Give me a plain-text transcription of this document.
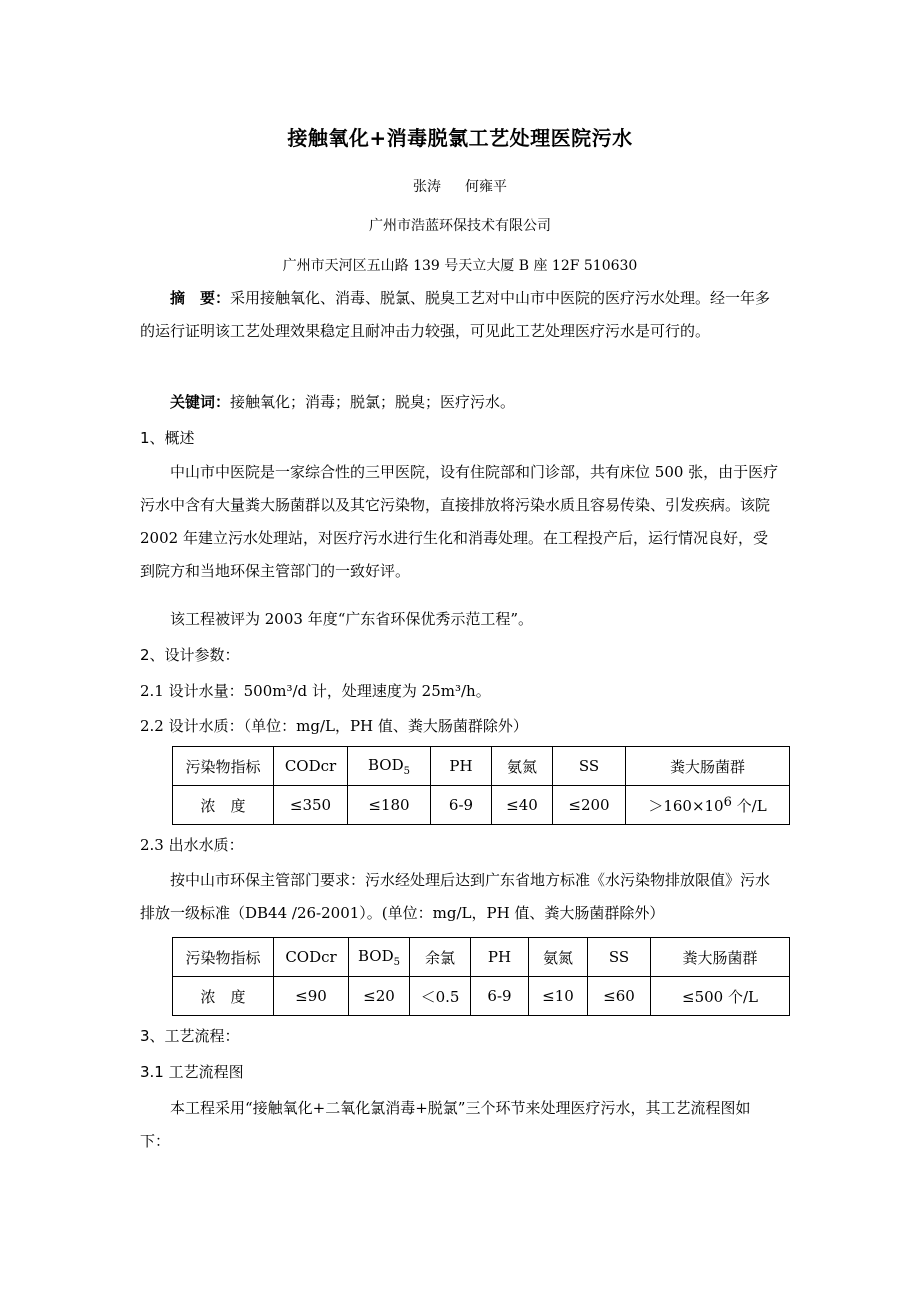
接触氧化+消毒脱氯工艺处理医院污水
张涛 何雍平
广州市浩蓝环保技术有限公司
广州市天河区五山路 139 号天立大厦 B 座 12F 510630
摘　要：采用接触氧化、消毒、脱氯、脱臭工艺对中山市中医院的医疗污水处理。经一年多的运行证明该工艺处理效果稳定且耐冲击力较强，可见此工艺处理医疗污水是可行的。
关键词：接触氧化；消毒；脱氯；脱臭；医疗污水。
1、概述
中山市中医院是一家综合性的三甲医院，设有住院部和门诊部，共有床位 500 张，由于医疗污水中含有大量粪大肠菌群以及其它污染物，直接排放将污染水质且容易传染、引发疾病。该院 2002 年建立污水处理站，对医疗污水进行生化和消毒处理。在工程投产后，运行情况良好，受到院方和当地环保主管部门的一致好评。
该工程被评为 2003 年度“广东省环保优秀示范工程”。
2、设计参数：
2.1 设计水量：500m³/d 计，处理速度为 25m³/h。
2.2 设计水质：（单位：mg/L，PH 值、粪大肠菌群除外）
污染物指标	CODcr	$BOD_5$	PH	氨氮	SS	粪大肠菌群
浓　度	≤350	≤180	6-9	≤40	≤200	$>160\times 10^6$ 个/L
2.3 出水水质：
按中山市环保主管部门要求：污水经处理后达到广东省地方标准《水污染物排放限值》污水排放一级标准（DB44 /26-2001）。(单位：mg/L，PH 值、粪大肠菌群除外）
污染物指标	CODcr	$BOD_5$	余氯	PH	氨氮	SS	粪大肠菌群
浓　度	≤90	≤20	＜0.5	6-9	≤10	≤60	≤500 个/L
3、工艺流程：
3.1 工艺流程图
本工程采用“接触氧化+二氧化氯消毒+脱氯”三个环节来处理医疗污水，其工艺流程图如下：
